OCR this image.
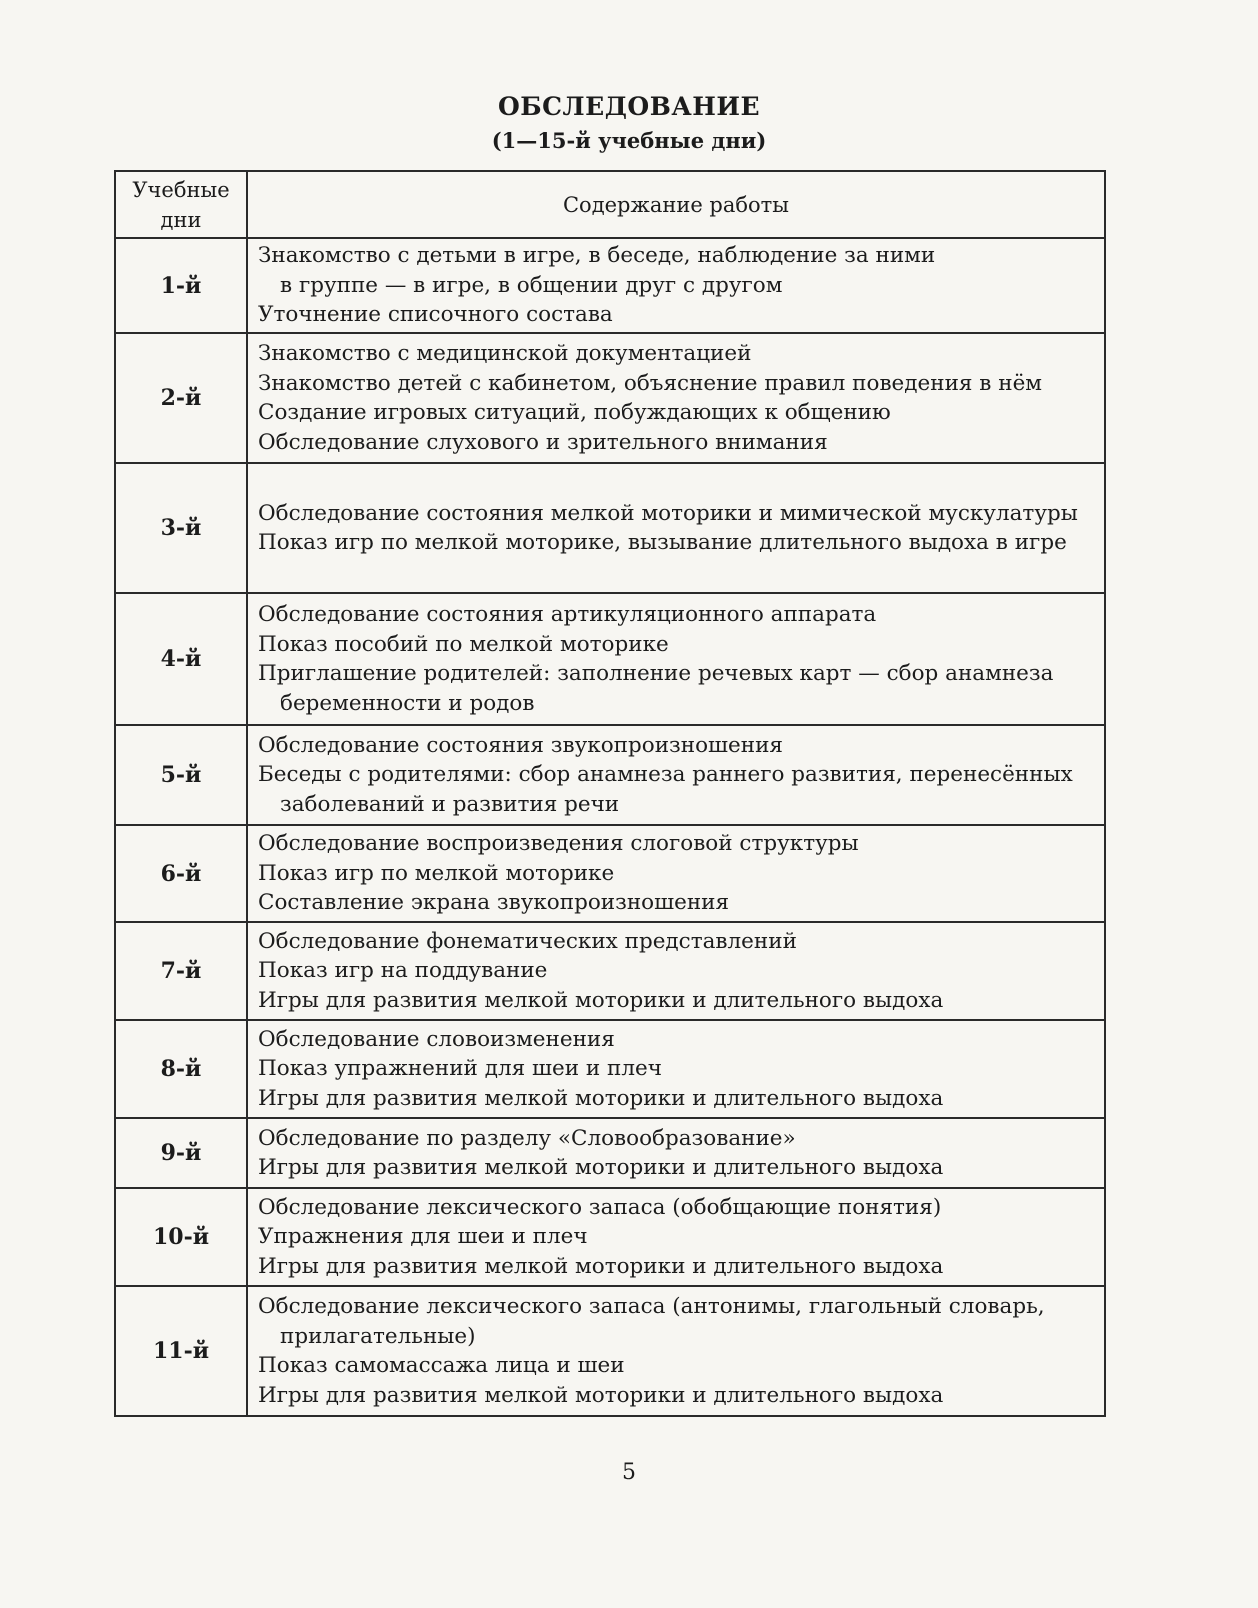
ОБСЛЕДОВАНИЕ
(1—15-й учебные дни)
Учебные дни	Содержание работы
1-й	Знакомство с детьми в игре, в беседе, наблюдение за ними
в группе — в игре, в общении друг с другом
Уточнение списочного состава

2-й	Знакомство с медицинской документацией
Знакомство детей с кабинетом, объяснение правил поведения в нём
Создание игровых ситуаций, побуждающих к общению
Обследование слухового и зрительного внимания

3-й	Обследование состояния мелкой моторики и мимической мускулатуры
Показ игр по мелкой моторике, вызывание длительного выдоха в игре

4-й	Обследование состояния артикуляционного аппарата
Показ пособий по мелкой моторике
Приглашение родителей: заполнение речевых карт — сбор анамнеза беременности и родов

5-й	Обследование состояния звукопроизношения
Беседы с родителями: сбор анамнеза раннего развития, перенесённых заболеваний и развития речи

6-й	Обследование воспроизведения слоговой структуры
Показ игр по мелкой моторике
Составление экрана звукопроизношения

7-й	Обследование фонематических представлений
Показ игр на поддувание
Игры для развития мелкой моторики и длительного выдоха

8-й	Обследование словоизменения
Показ упражнений для шеи и плеч
Игры для развития мелкой моторики и длительного выдоха

9-й	Обследование по разделу «Словообразование»
Игры для развития мелкой моторики и длительного выдоха

10-й	Обследование лексического запаса (обобщающие понятия)
Упражнения для шеи и плеч
Игры для развития мелкой моторики и длительного выдоха

11-й	Обследование лексического запаса (антонимы, глагольный словарь, прилагательные)
Показ самомассажа лица и шеи
Игры для развития мелкой моторики и длительного выдоха
5
